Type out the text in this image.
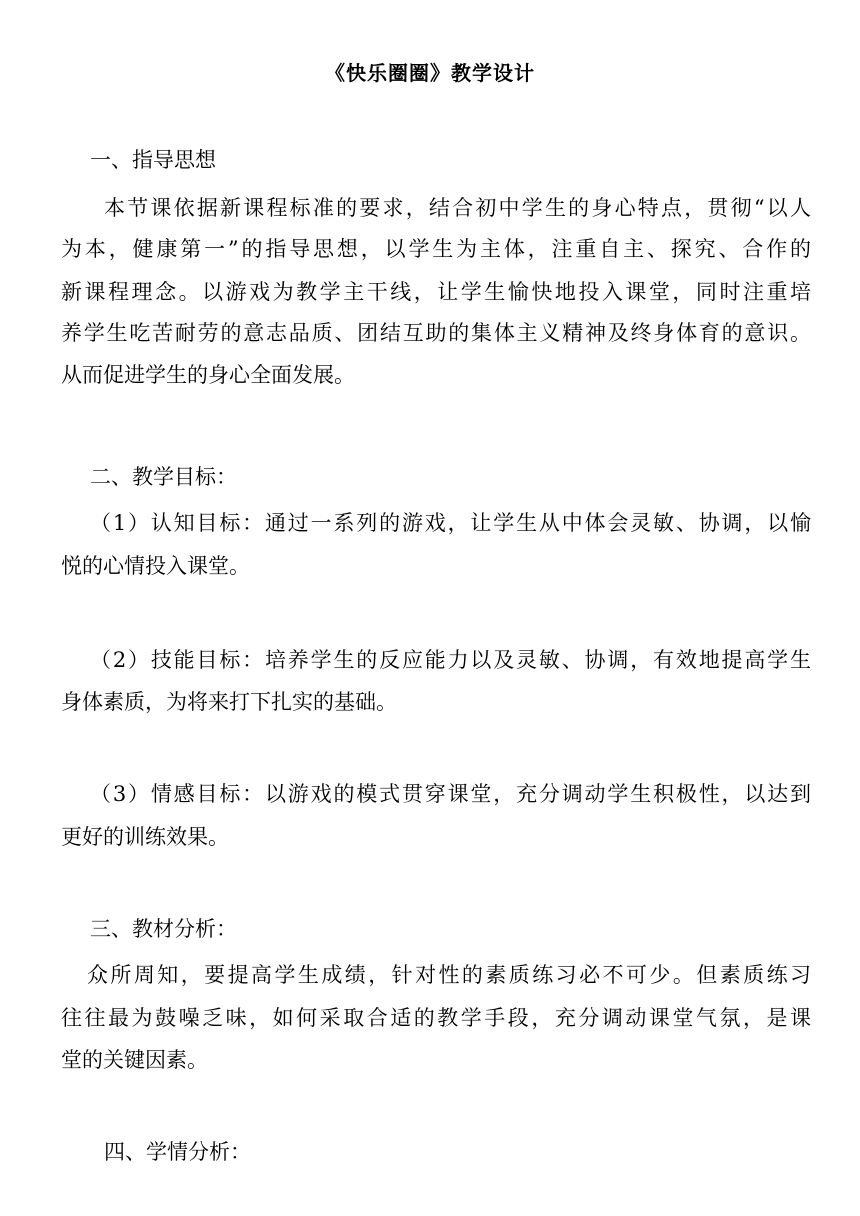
《快乐圈圈》教学设计
一、指导思想
本节课依据新课程标准的要求，结合初中学生的身心特点，贯彻“以人
为本，健康第一”的指导思想，以学生为主体，注重自主、探究、合作的
新课程理念。以游戏为教学主干线，让学生愉快地投入课堂，同时注重培
养学生吃苦耐劳的意志品质、团结互助的集体主义精神及终身体育的意识。
从而促进学生的身心全面发展。
二、教学目标：
（1）认知目标：通过一系列的游戏，让学生从中体会灵敏、协调，以愉
悦的心情投入课堂。
（2）技能目标：培养学生的反应能力以及灵敏、协调，有效地提高学生
身体素质，为将来打下扎实的基础。
（3）情感目标：以游戏的模式贯穿课堂，充分调动学生积极性，以达到
更好的训练效果。
三、教材分析：
众所周知，要提高学生成绩，针对性的素质练习必不可少。但素质练习
往往最为鼓噪乏味，如何采取合适的教学手段，充分调动课堂气氛，是课
堂的关键因素。
四、学情分析：
